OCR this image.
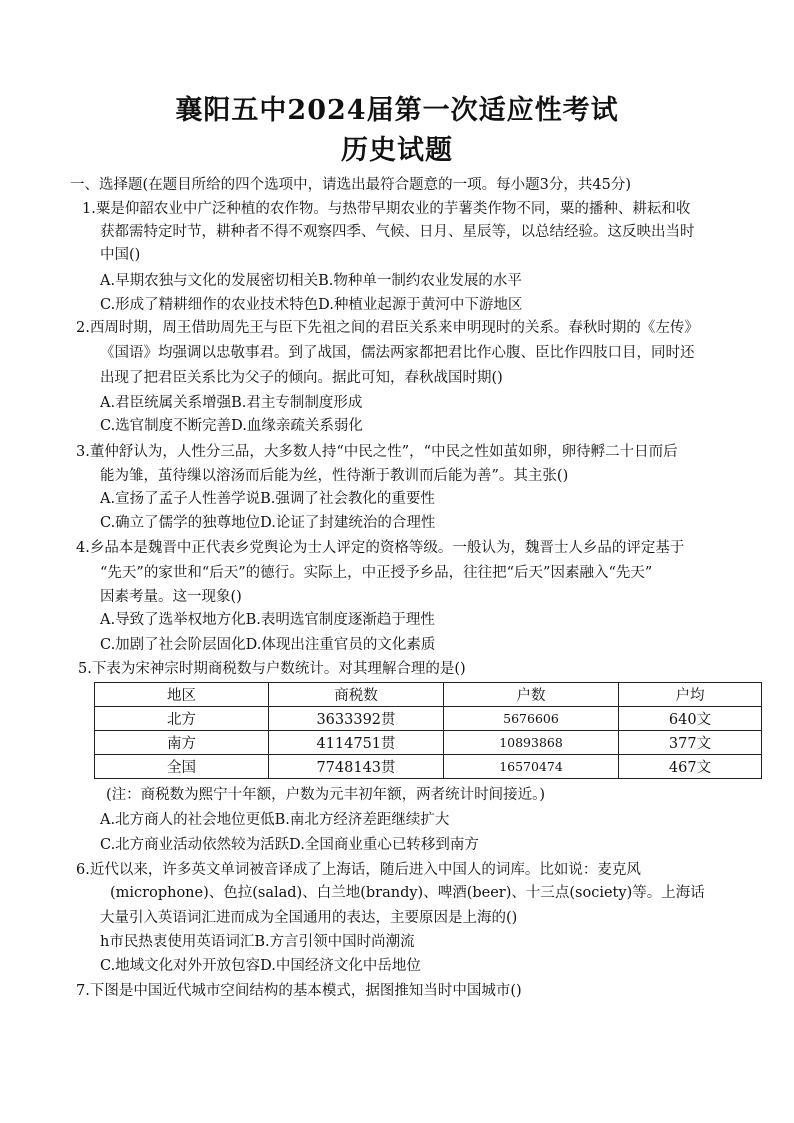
襄阳五中2024届第一次适应性考试
历史试题
一、选择题(在题目所给的四个选项中，请选出最符合题意的一项。每小题3分，共45分)
1.粟是仰韶农业中广泛种植的农作物。与热带早期农业的芋薯类作物不同，粟的播种、耕耘和收
获都需特定时节，耕种者不得不观察四季、气候、日月、星辰等，以总结经验。这反映出当时
中国()
A.早期农独与文化的发展密切相关B.物种单一制约农业发展的水平
C.形成了精耕细作的农业技术特色D.种植业起源于黄河中下游地区
2.西周时期，周王借助周先王与臣下先祖之间的君臣关系来申明现时的关系。春秋时期的《左传》
《国语》均强调以忠敬事君。到了战国，儒法两家都把君比作心腹、臣比作四肢口目，同时还
出现了把君臣关系比为父子的倾向。据此可知，春秋战国时期()
A.君臣统属关系增强B.君主专制制度形成
C.选官制度不断完善D.血缘亲疏关系弱化
3.董仲舒认为，人性分三品，大多数人持“中民之性”，“中民之性如茧如卵，卵待孵二十日而后
能为雏，茧待缫以溶汤而后能为丝，性待渐于教训而后能为善”。其主张()
A.宣扬了孟子人性善学说B.强调了社会教化的重要性
C.确立了儒学的独尊地位D.论证了封建统治的合理性
4.乡品本是魏晋中正代表乡党舆论为士人评定的资格等级。一般认为，魏晋士人乡品的评定基于
“先天”的家世和“后天”的德行。实际上，中正授予乡品，往往把“后天”因素融入“先天”
因素考量。这一现象()
A.导致了选举权地方化B.表明选官制度逐渐趋于理性
C.加剧了社会阶层固化D.体现出注重官员的文化素质
5.下表为宋神宗时期商税数与户数统计。对其理解合理的是()
地区	商税数	户数	户均
北方	3633392贯	5676606	640文
南方	4114751贯	10893868	377文
全国	7748143贯	16570474	467文
(注：商税数为熙宁十年额，户数为元丰初年额，两者统计时间接近。)
A.北方商人的社会地位更低B.南北方经济差距继续扩大
C.北方商业活动依然较为活跃D.全国商业重心已转移到南方
6.近代以来，许多英文单词被音译成了上海话，随后进入中国人的词库。比如说：麦克风
(microphone)、色拉(salad)、白兰地(brandy)、啤酒(beer)、十三点(society)等。上海话
大量引入英语词汇进而成为全国通用的表达，主要原因是上海的()
h市民热衷使用英语词汇B.方言引领中国时尚潮流
C.地域文化对外开放包容D.中国经济文化中岳地位
7.下图是中国近代城市空间结构的基本模式，据图推知当时中国城市()
